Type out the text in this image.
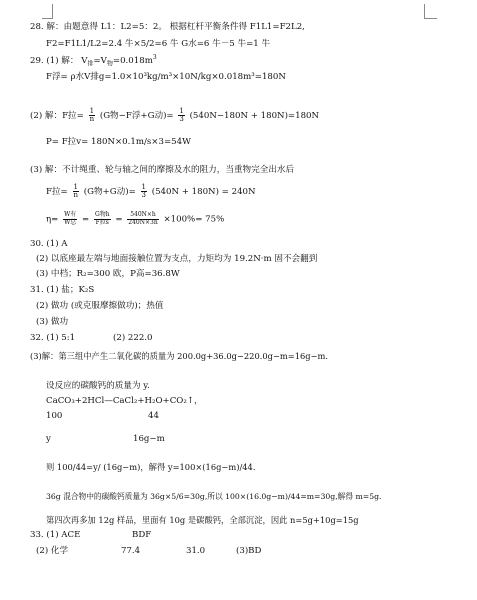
28. 解：由题意得 L1：L2=5：2。 根据杠杆平衡条件得 F1L1=F2L2,
F2=F1L1/L2=2.4 牛×5/2=6 牛 G水=6 牛－5 牛=1 牛
29. (1) 解： $V_排=V_物=0.018m^3$
F浮= ρ水V排g=1.0×10³kg/m³×10N/kg×0.018m³=180N
(2) 解：F拉= $\frac{1}{n} (G$物−F浮+G动)= $\frac{1}{3} (540N-180N + 180N)=180N$
P= F拉v= 180N×0.1m/s×3=54W
(3) 解：不计绳重、轮与轴之间的摩擦及水的阻力，当重物完全出水后
F拉= $\frac{1}{n} (G$物+G动)= $\frac{1}{3} (540N + 180N) = 240N$
$\eta= \frac{\text{W有}}{\text{W总}} = \frac{\text{G物h}}{\text{F拉s}} = \frac{540N\times h}{240N\times 3h} \times 100\%= 75\%$
30. (1) A
(2) 以底座最左端与地面接触位置为支点，力矩均为 19.2N·m 固不会翻到
(3) 中档；R₂=300 欧，P高=36.8W
31. (1) 盐；K₂S
(2) 做功 (或克服摩擦做功)；热值
(3) 做功
32. (1) 5:1	(2) 222.0
(3)解：第三组中产生二氧化碳的质量为 200.0g+36.0g−220.0g−m=16g−m.
设反应的碳酸钙的质量为 y.
CaCO₃+2HCl—CaCl₂+H₂O+CO₂↑，
100	44
y	16g−m
则 100/44=y/ (16g−m)，解得 y=100×(16g−m)/44.
36g 混合物中的碳酸钙质量为 36g×5/6=30g,所以 100×(16.0g−m)/44=m=30g,解得 m=5g.
第四次再多加 12g 样品，里面有 10g 是碳酸钙，全部沉淀，因此 n=5g+10g=15g
33. (1) ACE	BDF
(2) 化学	77.4	31.0	(3)BD
